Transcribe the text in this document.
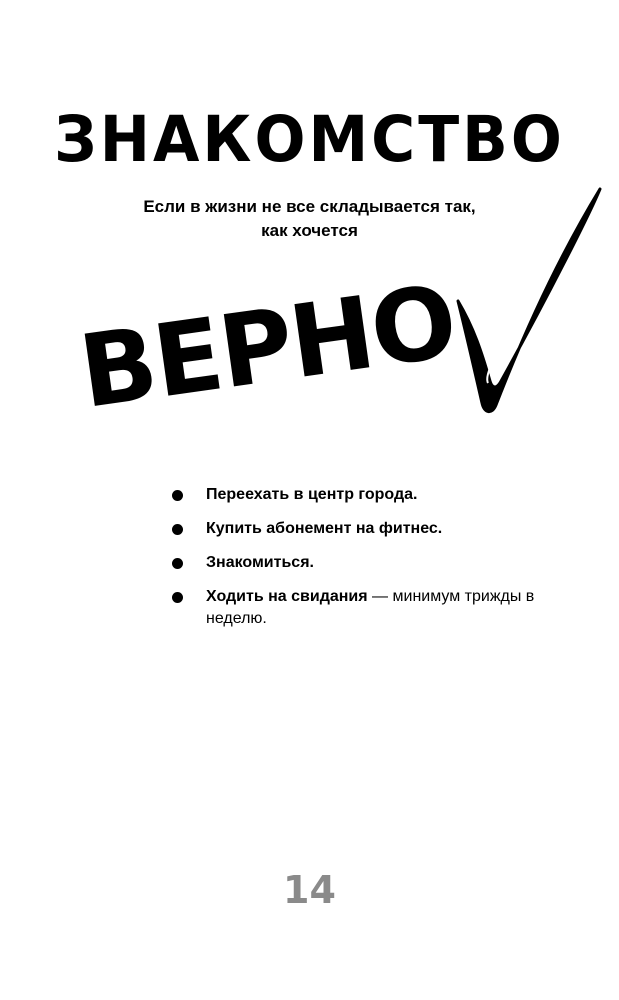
ЗНАКОМСТВО
Если в жизни не все складывается так,
как хочется
ВЕРНО
Переехать в центр города.
Купить абонемент на фитнес.
Знакомиться.
Ходить на свидания — минимум трижды в неделю.
14
